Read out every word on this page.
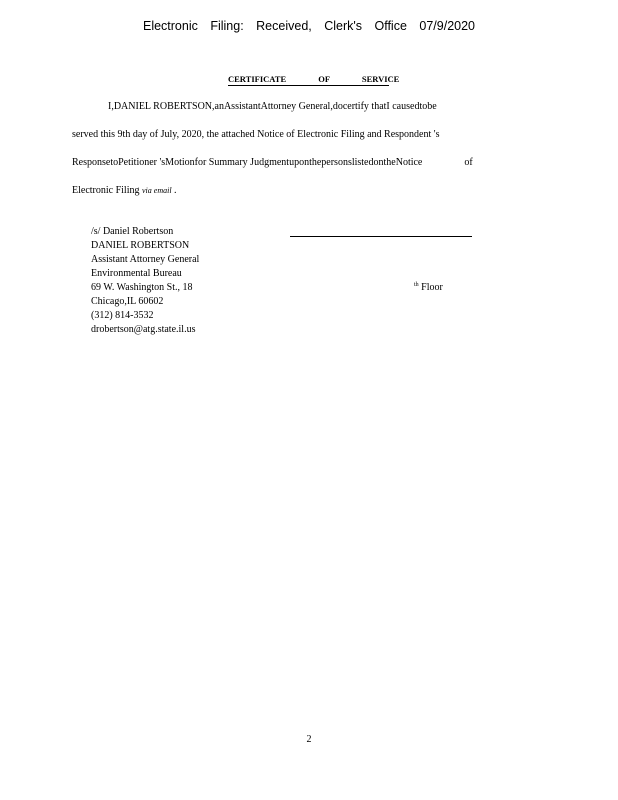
Electronic Filing: Received, Clerk's Office 07/9/2020
CERTIFICATE OF SERVICE
I,DANIEL ROBERTSON,anAssistantAttorney General,docertify thatI causedtobe
served this 9th day of July, 2020, the attached Notice of Electronic Filing and Respondent 's
ResponsetoPetitioner 'sMotionfor Summary JudgmentuponthepersonslistedontheNotice	of
Electronic Filing via email .
/s/ Daniel Robertson
DANIEL ROBERTSON
Assistant Attorney General
Environmental Bureau
69 W. Washington St., 18
Chicago,IL 60602
(312) 814-3532
drobertson@atg.state.il.us
$^{th}$ Floor
2
